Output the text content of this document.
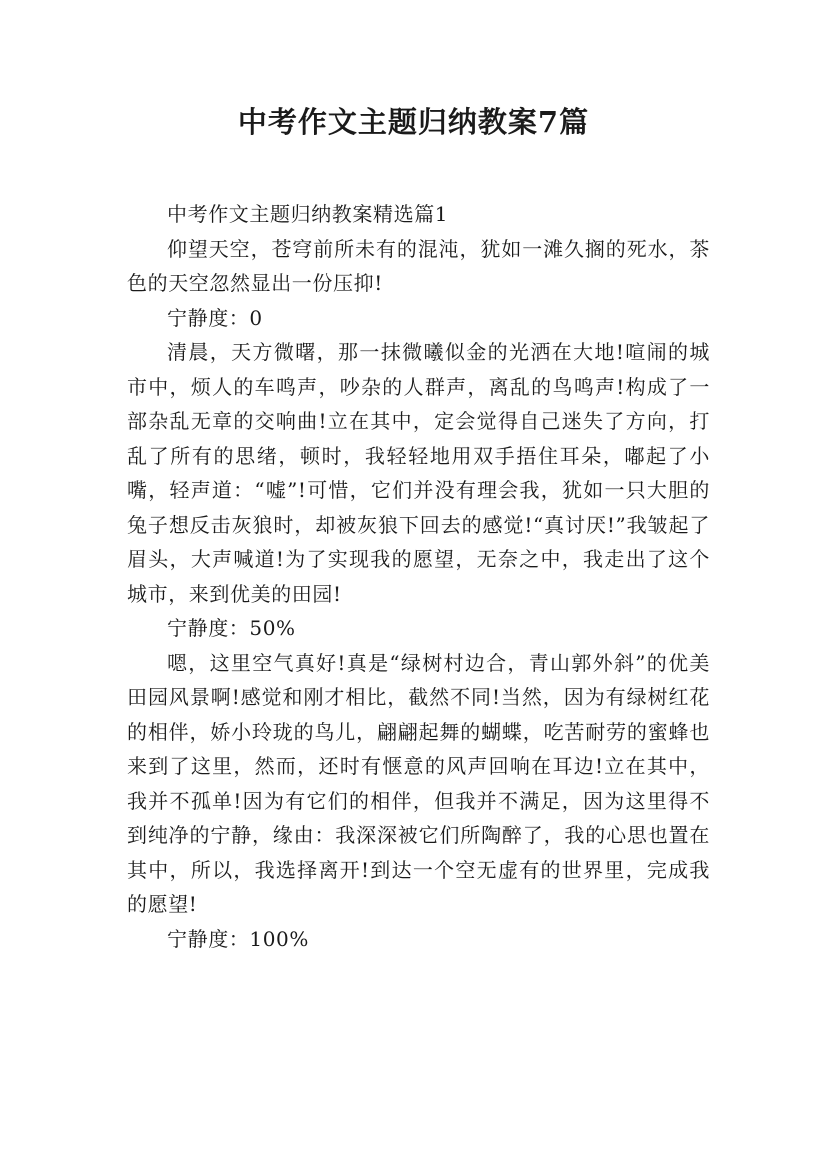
中考作文主题归纳教案7篇

中考作文主题归纳教案精选篇1

仰望天空，苍穹前所未有的混沌，犹如一滩久搁的死水，茶色的天空忽然显出一份压抑!

宁静度：0

清晨，天方微曙，那一抹微曦似金的光洒在大地!喧闹的城市中，烦人的车鸣声，吵杂的人群声，离乱的鸟鸣声!构成了一部杂乱无章的交响曲!立在其中，定会觉得自己迷失了方向，打乱了所有的思绪，顿时，我轻轻地用双手捂住耳朵，嘟起了小嘴，轻声道：“嘘”!可惜，它们并没有理会我，犹如一只大胆的兔子想反击灰狼时，却被灰狼下回去的感觉!“真讨厌!”我皱起了眉头，大声喊道!为了实现我的愿望，无奈之中，我走出了这个城市，来到优美的田园!

宁静度：50%

嗯，这里空气真好!真是“绿树村边合，青山郭外斜”的优美田园风景啊!感觉和刚才相比，截然不同!当然，因为有绿树红花的相伴，娇小玲珑的鸟儿，翩翩起舞的蝴蝶，吃苦耐劳的蜜蜂也来到了这里，然而，还时有惬意的风声回响在耳边!立在其中，我并不孤单!因为有它们的相伴，但我并不满足，因为这里得不到纯净的宁静，缘由：我深深被它们所陶醉了，我的心思也置在其中，所以，我选择离开!到达一个空无虚有的世界里，完成我的愿望!

宁静度：100%
